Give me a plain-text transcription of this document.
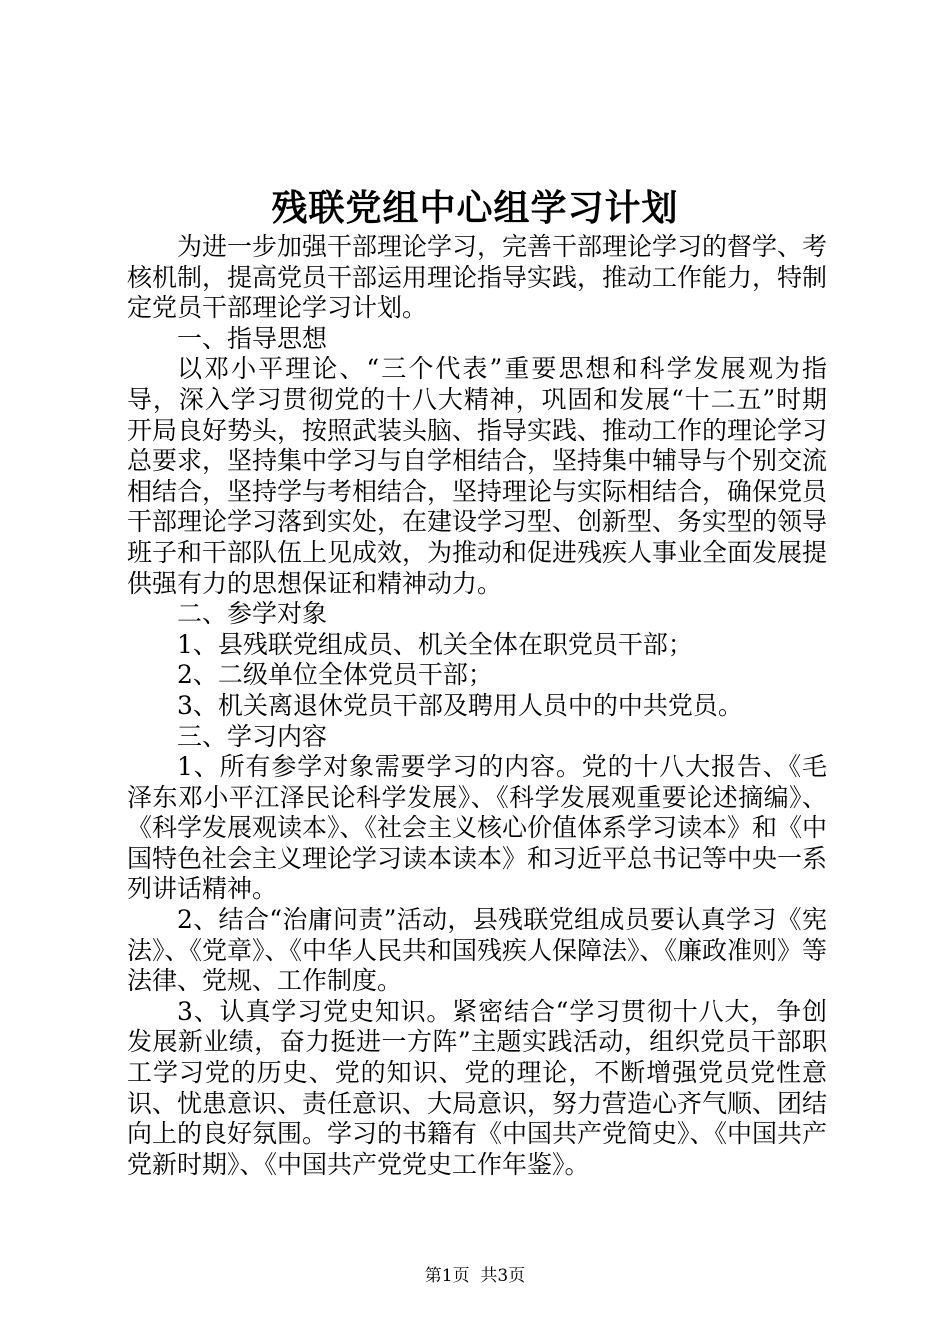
残联党组中心组学习计划

为进一步加强干部理论学习，完善干部理论学习的督学、考核机制，提高党员干部运用理论指导实践，推动工作能力，特制定党员干部理论学习计划。

一、指导思想

以邓小平理论、“三个代表”重要思想和科学发展观为指导，深入学习贯彻党的十八大精神，巩固和发展“十二五”时期开局良好势头，按照武装头脑、指导实践、推动工作的理论学习总要求，坚持集中学习与自学相结合，坚持集中辅导与个别交流相结合，坚持学与考相结合，坚持理论与实际相结合，确保党员干部理论学习落到实处，在建设学习型、创新型、务实型的领导班子和干部队伍上见成效，为推动和促进残疾人事业全面发展提供强有力的思想保证和精神动力。

二、参学对象

1、县残联党组成员、机关全体在职党员干部；

2、二级单位全体党员干部；

3、机关离退休党员干部及聘用人员中的中共党员。

三、学习内容

1、所有参学对象需要学习的内容。党的十八大报告、《毛泽东邓小平江泽民论科学发展》、《科学发展观重要论述摘编》、《科学发展观读本》、《社会主义核心价值体系学习读本》和《中国特色社会主义理论学习读本读本》和习近平总书记等中央一系列讲话精神。

2、结合“治庸问责”活动，县残联党组成员要认真学习《宪法》、《党章》、《中华人民共和国残疾人保障法》、《廉政准则》等法律、党规、工作制度。

3、认真学习党史知识。紧密结合“学习贯彻十八大，争创发展新业绩，奋力挺进一方阵”主题实践活动，组织党员干部职工学习党的历史、党的知识、党的理论，不断增强党员党性意识、忧患意识、责任意识、大局意识，努力营造心齐气顺、团结向上的良好氛围。学习的书籍有《中国共产党简史》、《中国共产党新时期》、《中国共产党党史工作年鉴》。

第1页  共3页
